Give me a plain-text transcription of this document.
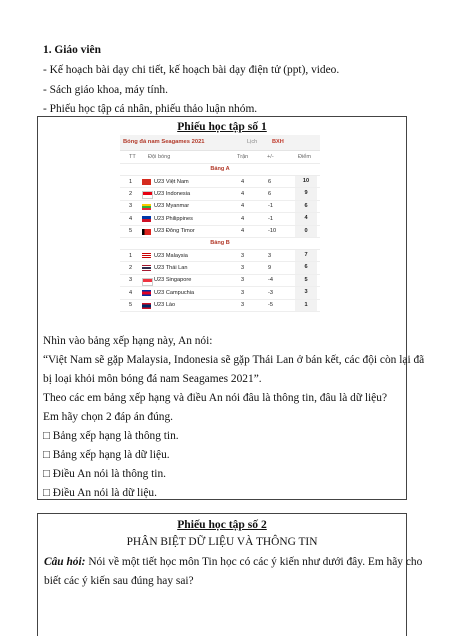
1. Giáo viên
- Kế hoạch bài dạy chi tiết, kế hoạch bài dạy điện tử (ppt), video.
- Sách giáo khoa, máy tính.
- Phiếu học tập cá nhân, phiếu thảo luận nhóm.
Phiếu học tập số 1
Bóng đá nam Seagames 2021	Lịch	BXH
TT Đội bóng	Trận	+/-	Điểm
Bảng A
1	U23 Việt Nam	4	6	10
2	U23 Indonesia	4	6	9
3	U23 Myanmar	4	-1	6
4	U23 Philippines	4	-1	4
5	U23 Đông Timor	4	-10	0
Bảng B
1	U23 Malaysia	3	3	7
2	U23 Thái Lan	3	9	6
3	U23 Singapore	3	-4	5
4	U23 Campuchia	3	-3	3
5	U23 Lào	3	-5	1
Nhìn vào bảng xếp hạng này, An nói:
“Việt Nam sẽ gặp Malaysia, Indonesia sẽ gặp Thái Lan ở bán kết, các đội còn lại đã
bị loại khỏi môn bóng đá nam Seagames 2021”.
Theo các em bảng xếp hạng và điều An nói đâu là thông tin, đâu là dữ liệu?
Em hãy chọn 2 đáp án đúng.
□ Bảng xếp hạng là thông tin.
□ Bảng xếp hạng là dữ liệu.
□ Điều An nói là thông tin.
□ Điều An nói là dữ liệu.
Phiếu học tập số 2
PHÂN BIỆT DỮ LIỆU VÀ THÔNG TIN
Câu hỏi: Nói về một tiết học môn Tin học có các ý kiến như dưới đây. Em hãy cho
biết các ý kiến sau đúng hay sai?
